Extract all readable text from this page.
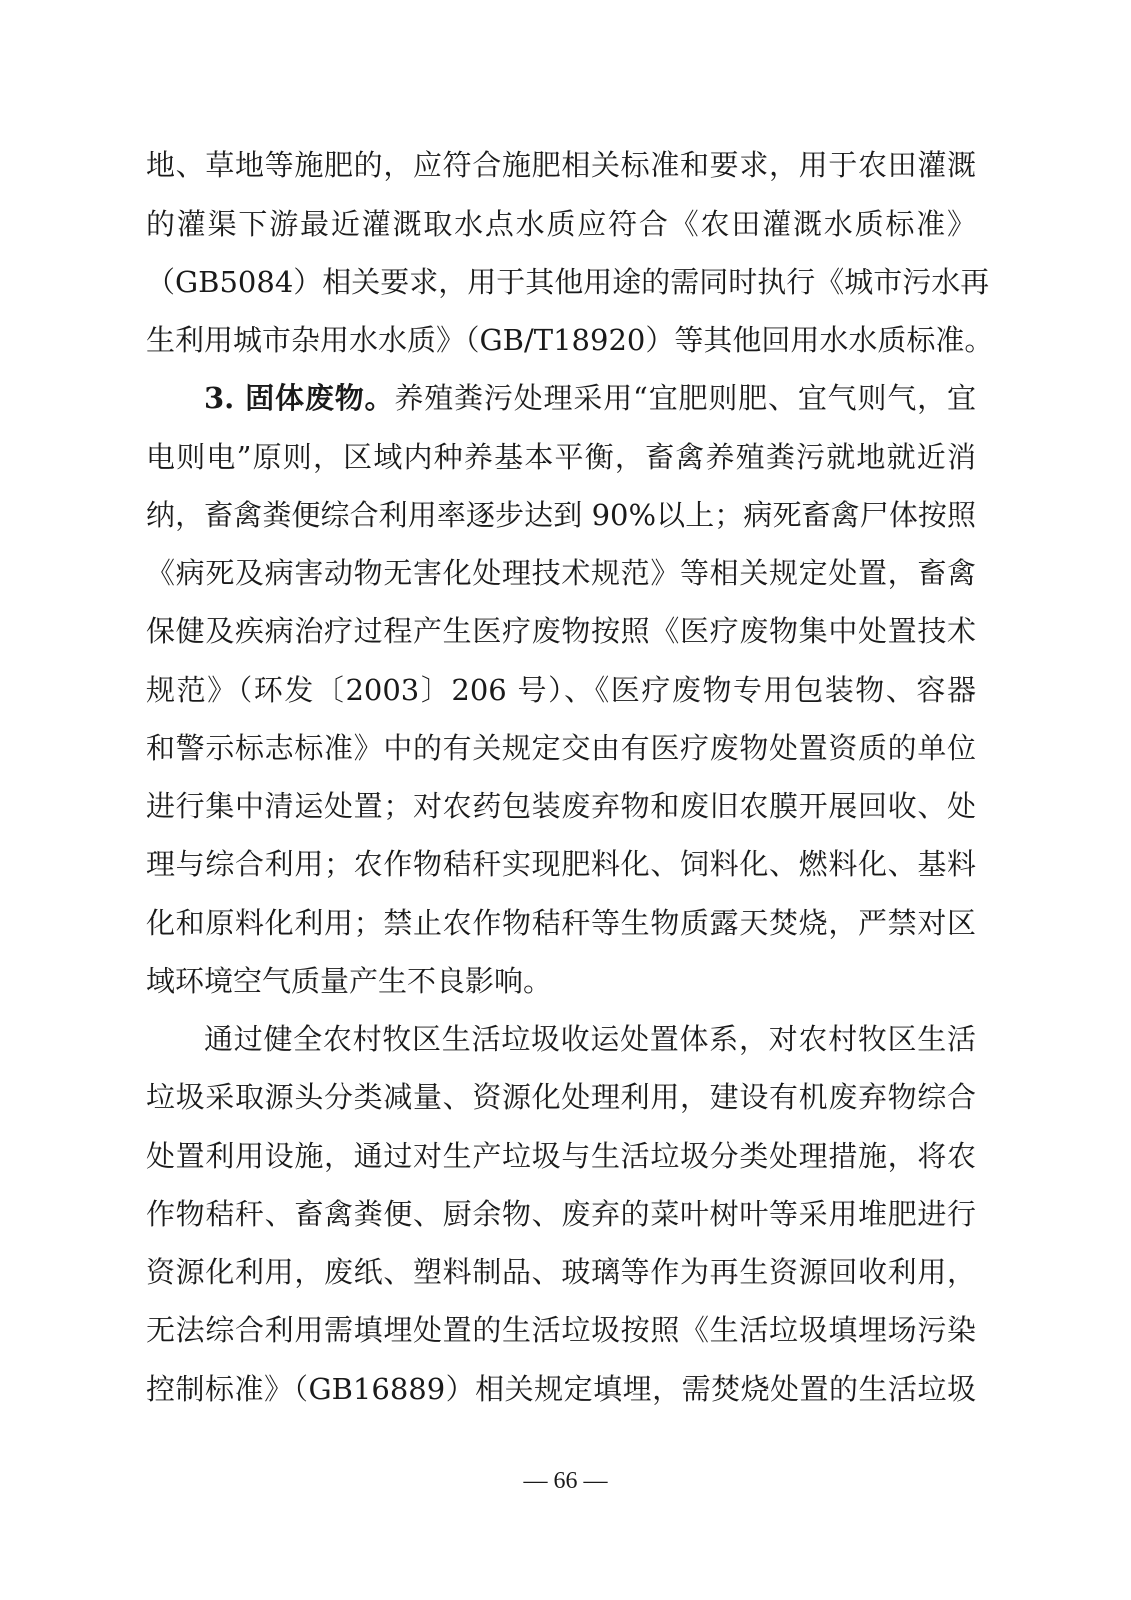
地、草地等施肥的，应符合施肥相关标准和要求，用于农田灌溉
的灌渠下游最近灌溉取水点水质应符合《农田灌溉水质标准》
（GB5084）相关要求，用于其他用途的需同时执行《城市污水再
生利用城市杂用水水质》（GB/T18920）等其他回用水水质标准。
3. 固体废物。养殖粪污处理采用“宜肥则肥、宜气则气，宜
电则电”原则，区域内种养基本平衡，畜禽养殖粪污就地就近消
纳，畜禽粪便综合利用率逐步达到 90%以上；病死畜禽尸体按照
《病死及病害动物无害化处理技术规范》等相关规定处置，畜禽
保健及疾病治疗过程产生医疗废物按照《医疗废物集中处置技术
规范》（环发〔2003〕206 号）、《医疗废物专用包装物、容器
和警示标志标准》中的有关规定交由有医疗废物处置资质的单位
进行集中清运处置；对农药包装废弃物和废旧农膜开展回收、处
理与综合利用；农作物秸秆实现肥料化、饲料化、燃料化、基料
化和原料化利用；禁止农作物秸秆等生物质露天焚烧，严禁对区
域环境空气质量产生不良影响。
通过健全农村牧区生活垃圾收运处置体系，对农村牧区生活
垃圾采取源头分类减量、资源化处理利用，建设有机废弃物综合
处置利用设施，通过对生产垃圾与生活垃圾分类处理措施，将农
作物秸秆、畜禽粪便、厨余物、废弃的菜叶树叶等采用堆肥进行
资源化利用，废纸、塑料制品、玻璃等作为再生资源回收利用，
无法综合利用需填埋处置的生活垃圾按照《生活垃圾填埋场污染
控制标准》（GB16889）相关规定填埋，需焚烧处置的生活垃圾
— 66 —
